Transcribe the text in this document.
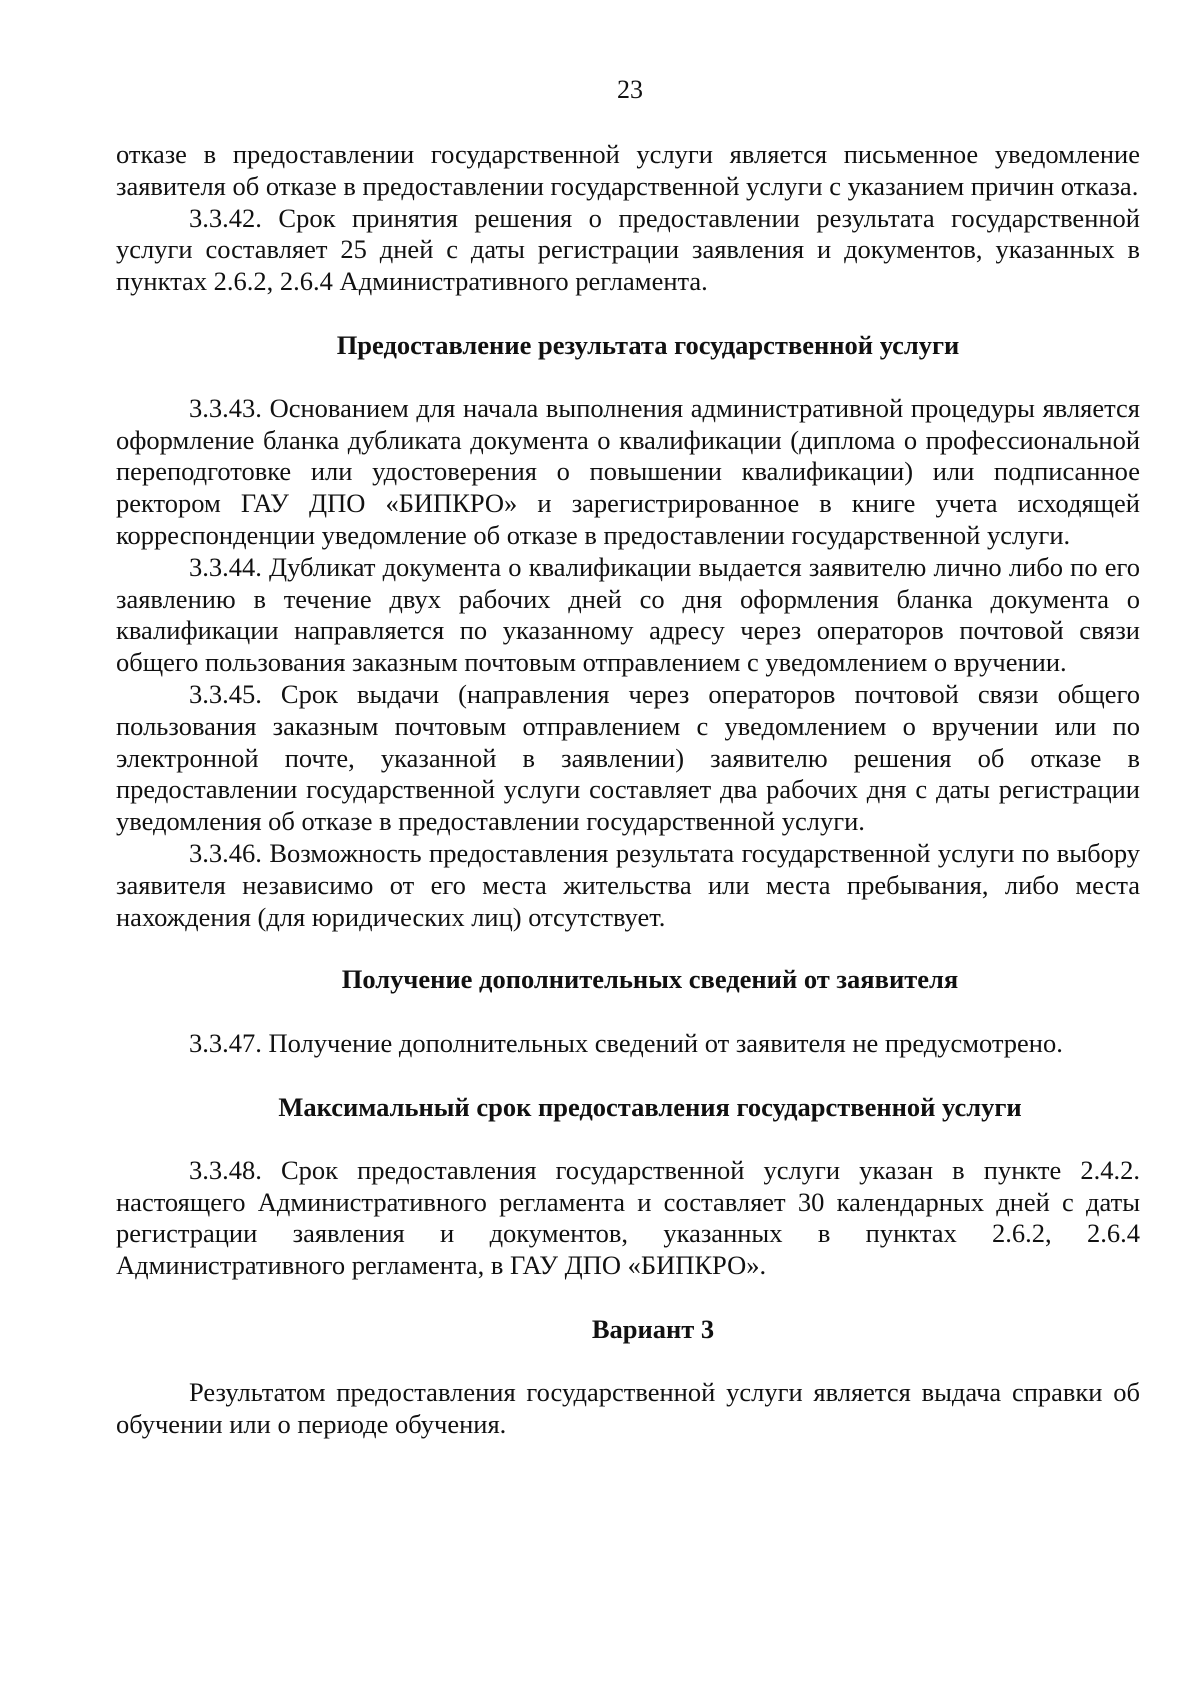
23

отказе в предоставлении государственной услуги является письменное уведомление заявителя об отказе в предоставлении государственной услуги с указанием причин отказа.

3.3.42. Срок принятия решения о предоставлении результата государственной услуги составляет 25 дней с даты регистрации заявления и документов, указанных в пунктах 2.6.2, 2.6.4 Административного регламента.

Предоставление результата государственной услуги

3.3.43. Основанием для начала выполнения административной процедуры является оформление бланка дубликата документа о квалификации (диплома о профессиональной переподготовке или удостоверения о повышении квалификации) или подписанное ректором ГАУ ДПО «БИПКРО» и зарегистрированное в книге учета исходящей корреспонденции уведомление об отказе в предоставлении государственной услуги.

3.3.44. Дубликат документа о квалификации выдается заявителю лично либо по его заявлению в течение двух рабочих дней со дня оформления бланка документа о квалификации направляется по указанному адресу через операторов почтовой связи общего пользования заказным почтовым отправлением с уведомлением о вручении.

3.3.45. Срок выдачи (направления через операторов почтовой связи общего пользования заказным почтовым отправлением с уведомлением о вручении или по электронной почте, указанной в заявлении) заявителю решения об отказе в предоставлении государственной услуги составляет два рабочих дня с даты регистрации уведомления об отказе в предоставлении государственной услуги.

3.3.46. Возможность предоставления результата государственной услуги по выбору заявителя независимо от его места жительства или места пребывания, либо места нахождения (для юридических лиц) отсутствует.

Получение дополнительных сведений от заявителя

3.3.47. Получение дополнительных сведений от заявителя не предусмотрено.

Максимальный срок предоставления государственной услуги

3.3.48. Срок предоставления государственной услуги указан в пункте 2.4.2. настоящего Административного регламента и составляет 30 календарных дней с даты регистрации заявления и документов, указанных в пунктах 2.6.2, 2.6.4 Административного регламента, в ГАУ ДПО «БИПКРО».

Вариант 3

Результатом предоставления государственной услуги является выдача справки об обучении или о периоде обучения.
